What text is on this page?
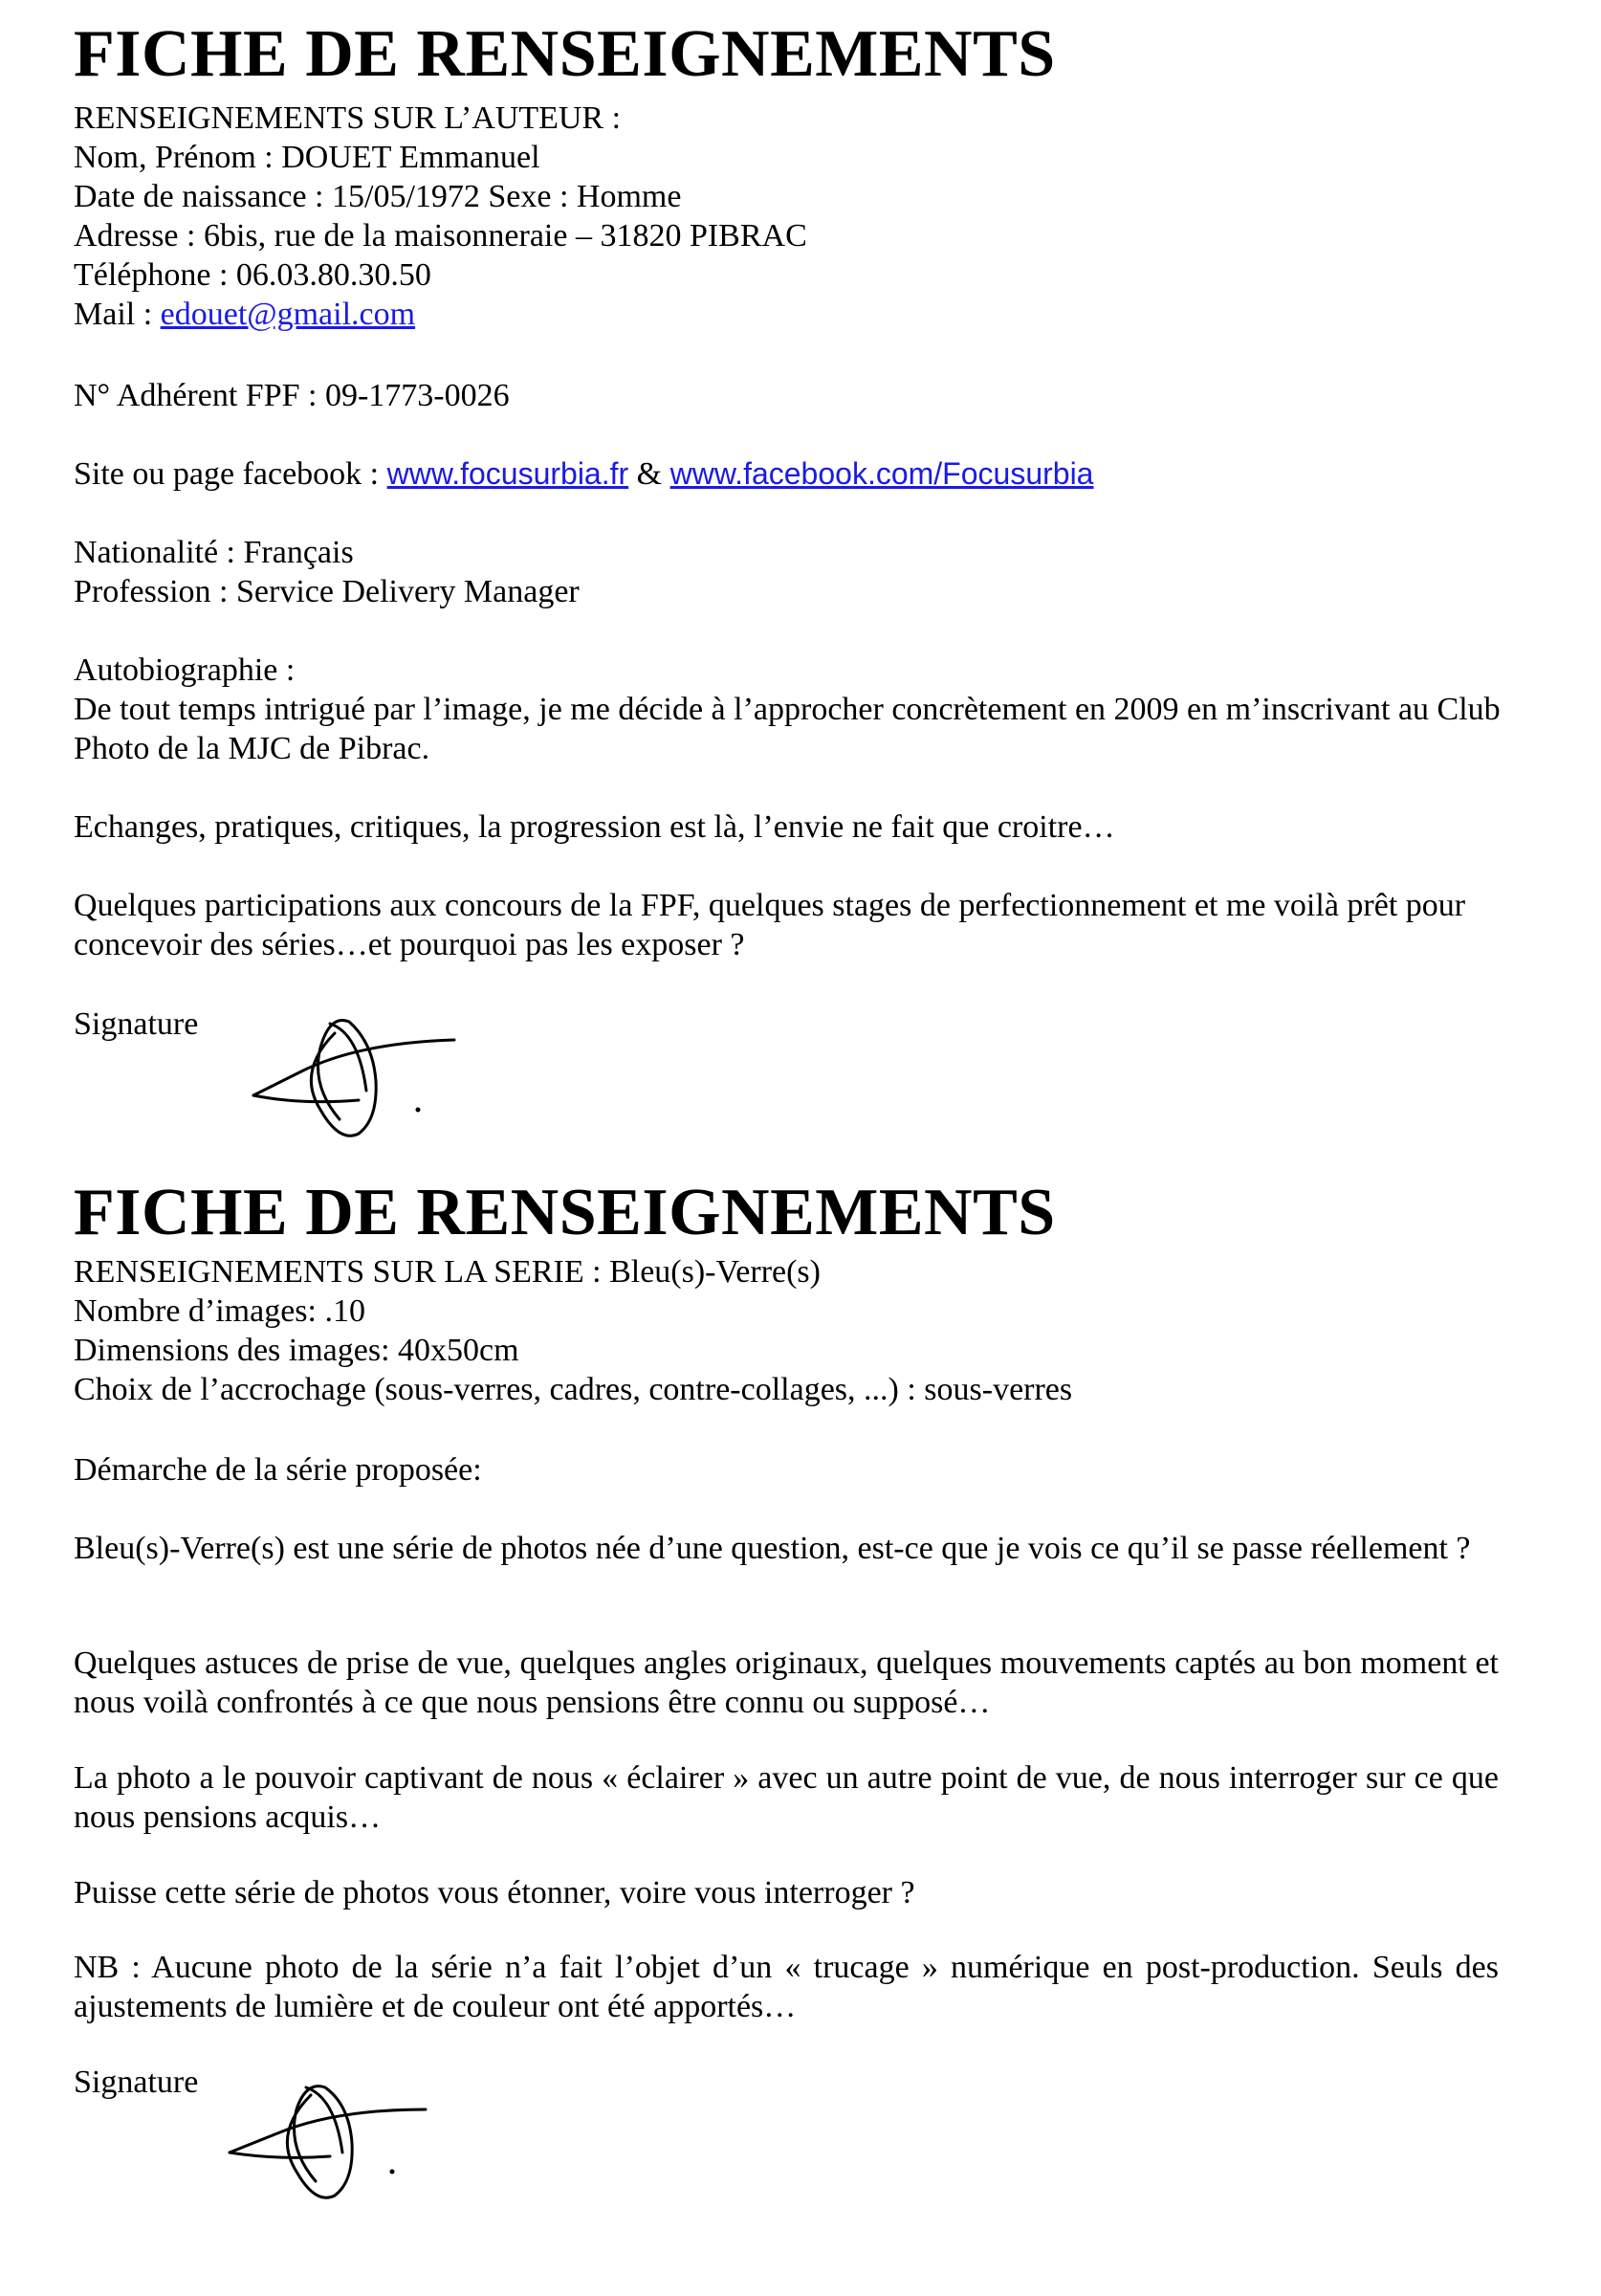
FICHE DE RENSEIGNEMENTS
RENSEIGNEMENTS SUR L’AUTEUR :
Nom, Prénom : DOUET Emmanuel
Date de naissance : 15/05/1972 Sexe : Homme
Adresse : 6bis, rue de la maisonneraie – 31820 PIBRAC
Téléphone : 06.03.80.30.50
Mail : edouet@gmail.com
N° Adhérent FPF : 09-1773-0026
Site ou page facebook : www.focusurbia.fr & www.facebook.com/Focusurbia
Nationalité : Français
Profession : Service Delivery Manager
Autobiographie :
De tout temps intrigué par l’image, je me décide à l’approcher concrètement en 2009 en m’inscrivant au Club Photo de la MJC de Pibrac.
Echanges, pratiques, critiques, la progression est là, l’envie ne fait que croitre…
Quelques participations aux concours de la FPF, quelques stages de perfectionnement et me voilà prêt pour concevoir des séries…et pourquoi pas les exposer ?
Signature
FICHE DE RENSEIGNEMENTS
RENSEIGNEMENTS SUR LA SERIE : Bleu(s)-Verre(s)
Nombre d’images: .10
Dimensions des images: 40x50cm
Choix de l’accrochage (sous-verres, cadres, contre-collages, ...) : sous-verres
Démarche de la série proposée:
Bleu(s)-Verre(s) est une série de photos née d’une question, est-ce que je vois ce qu’il se passe réellement ?
Quelques astuces de prise de vue, quelques angles originaux, quelques mouvements captés au bon moment et nous voilà confrontés à ce que nous pensions être connu ou supposé…
La photo a le pouvoir captivant de nous « éclairer » avec un autre point de vue, de nous interroger sur ce que nous pensions acquis…
Puisse cette série de photos vous étonner, voire vous interroger ?
NB : Aucune photo de la série n’a fait l’objet d’un « trucage » numérique en post-production. Seuls des ajustements de lumière et de couleur ont été apportés…
Signature
